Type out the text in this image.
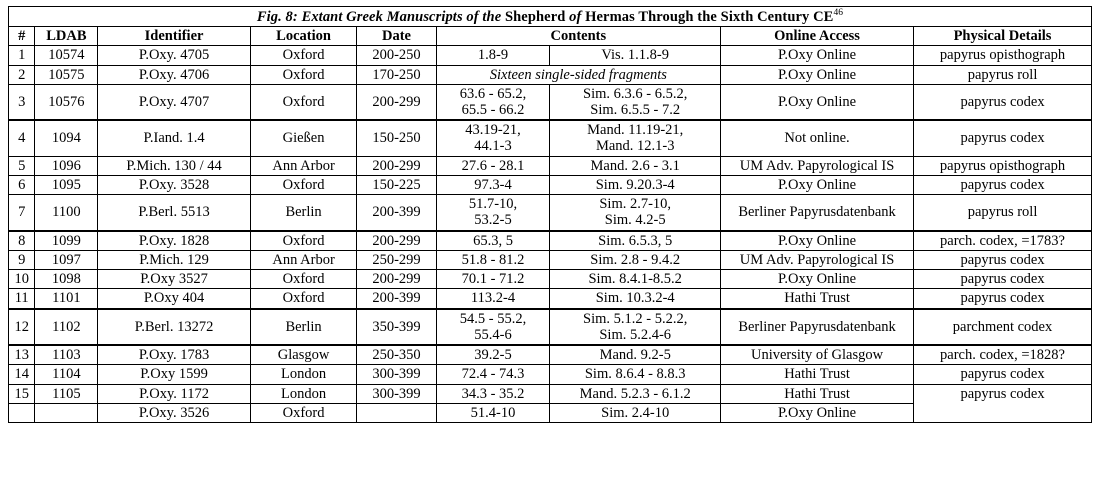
Fig. 8: Extant Greek Manuscripts of the Shepherd of Hermas Through the Sixth Century CE$^{46}$
#	LDAB	Identifier	Location	Date	Contents		Online Access	Physical Details
1	10574	P.Oxy. 4705	Oxford	200-250	1.8-9	Vis. 1.1.8-9	P.Oxy Online	papyrus opisthograph
2	10575	P.Oxy. 4706	Oxford	170-250	Sixteen single-sided fragments		P.Oxy Online	papyrus roll
3	10576	P.Oxy. 4707	Oxford	200-299	63.6 - 65.2,
65.5 - 66.2	Sim. 6.3.6 - 6.5.2,
Sim. 6.5.5 - 7.2	P.Oxy Online	papyrus codex
4	1094	P.Iand. 1.4	Gießen	150-250	43.19-21,
44.1-3	Mand. 11.19-21,
Mand. 12.1-3	Not online.	papyrus codex
5	1096	P.Mich. 130 / 44	Ann Arbor	200-299	27.6 - 28.1	Mand. 2.6 - 3.1	UM Adv. Papyrological IS	papyrus opisthograph
6	1095	P.Oxy. 3528	Oxford	150-225	97.3-4	Sim. 9.20.3-4	P.Oxy Online	papyrus codex
7	1100	P.Berl. 5513	Berlin	200-399	51.7-10,
53.2-5	Sim. 2.7-10,
Sim. 4.2-5	Berliner Papyrusdatenbank	papyrus roll
8	1099	P.Oxy. 1828	Oxford	200-299	65.3, 5	Sim. 6.5.3, 5	P.Oxy Online	parch. codex, =1783?
9	1097	P.Mich. 129	Ann Arbor	250-299	51.8 - 81.2	Sim. 2.8 - 9.4.2	UM Adv. Papyrological IS	papyrus codex
10	1098	P.Oxy 3527	Oxford	200-299	70.1 - 71.2	Sim. 8.4.1-8.5.2	P.Oxy Online	papyrus codex
11	1101	P.Oxy 404	Oxford	200-399	113.2-4	Sim. 10.3.2-4	Hathi Trust	papyrus codex
12	1102	P.Berl. 13272	Berlin	350-399	54.5 - 55.2,
55.4-6	Sim. 5.1.2 - 5.2.2,
Sim. 5.2.4-6	Berliner Papyrusdatenbank	parchment codex
13	1103	P.Oxy. 1783	Glasgow	250-350	39.2-5	Mand. 9.2-5	University of Glasgow	parch. codex, =1828?
14	1104	P.Oxy 1599	London	300-399	72.4 - 74.3	Sim. 8.6.4 - 8.8.3	Hathi Trust	papyrus codex
15	1105	P.Oxy. 1172	London	300-399	34.3 - 35.2	Mand. 5.2.3 - 6.1.2	Hathi Trust	papyrus codex
		P.Oxy. 3526	Oxford		51.4-10	Sim. 2.4-10	P.Oxy Online	
